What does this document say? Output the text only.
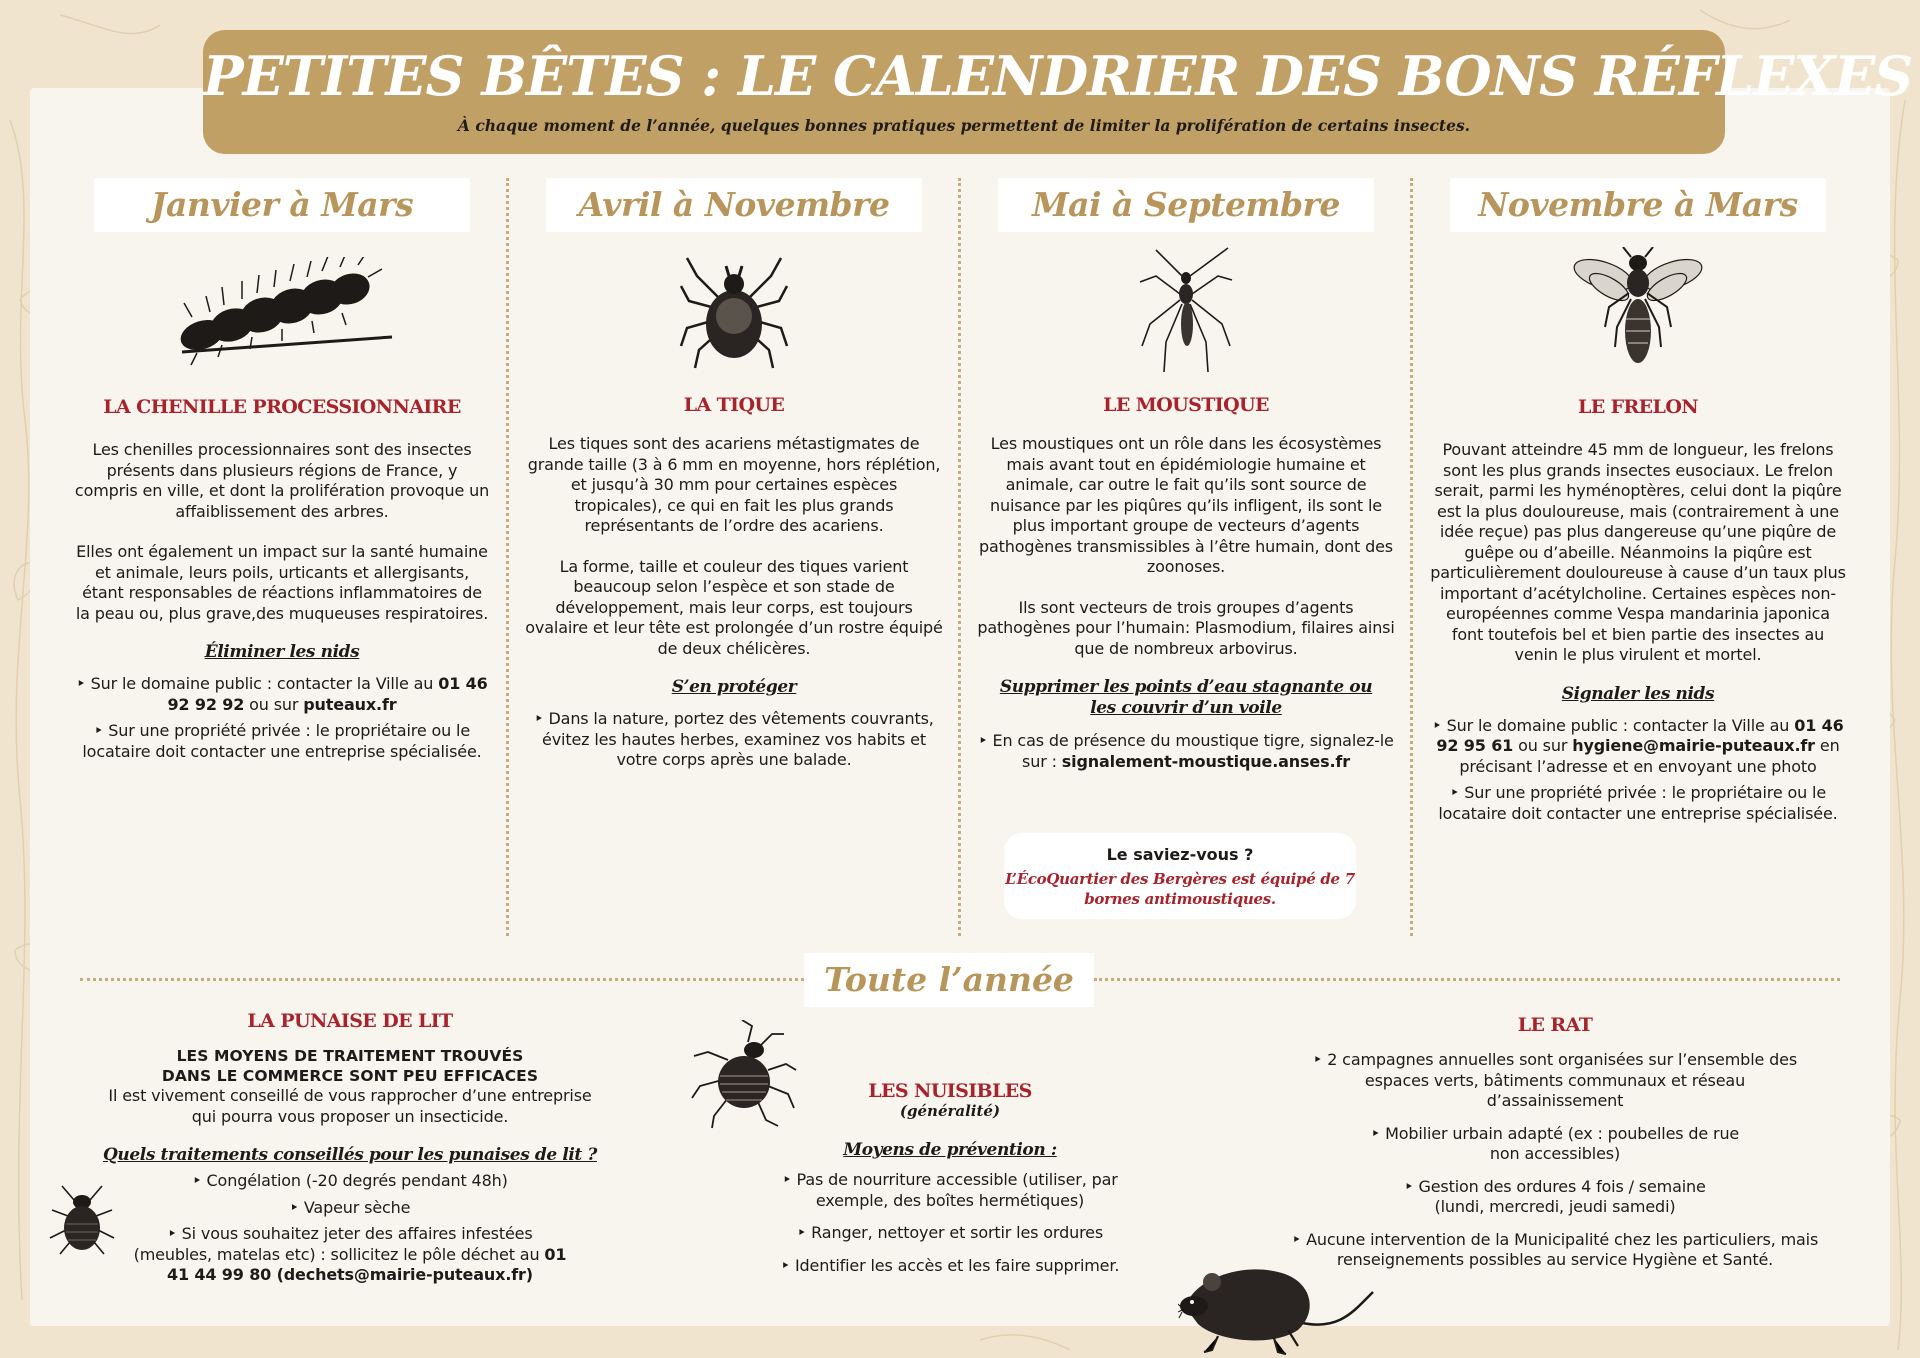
PETITES BÊTES : LE CALENDRIER DES BONS RÉFLEXES
À chaque moment de l’année, quelques bonnes pratiques permettent de limiter la prolifération de certains insectes.
Janvier à Mars
LA CHENILLE PROCESSIONNAIRE
Les chenilles processionnaires sont des insectes présents dans plusieurs régions de France, y compris en ville, et dont la prolifération provoque un affaiblissement des arbres.
Elles ont également un impact sur la santé humaine et animale, leurs poils, urticants et allergisants, étant responsables de réactions inflammatoires de la peau ou, plus grave,des muqueuses respiratoires.
Éliminer les nids
‣ Sur le domaine public : contacter la Ville au 01 46 92 92 92 ou sur puteaux.fr
‣ Sur une propriété privée : le propriétaire ou le locataire doit contacter une entreprise spécialisée.
Avril à Novembre
LA TIQUE
Les tiques sont des acariens métastigmates de grande taille (3 à 6 mm en moyenne, hors réplétion, et jusqu’à 30 mm pour certaines espèces tropicales), ce qui en fait les plus grands représentants de l’ordre des acariens.
La forme, taille et couleur des tiques varient beaucoup selon l’espèce et son stade de développement, mais leur corps, est toujours ovalaire et leur tête est prolongée d’un rostre équipé de deux chélicères.
S’en protéger
‣ Dans la nature, portez des vêtements couvrants, évitez les hautes herbes, examinez vos habits et votre corps après une balade.
Mai à Septembre
LE MOUSTIQUE
Les moustiques ont un rôle dans les écosystèmes mais avant tout en épidémiologie humaine et animale, car outre le fait qu’ils sont source de nuisance par les piqûres qu’ils infligent, ils sont le plus important groupe de vecteurs d’agents pathogènes transmissibles à l’être humain, dont des zoonoses.
Ils sont vecteurs de trois groupes d’agents pathogènes pour l’humain: Plasmodium, filaires ainsi que de nombreux arbovirus.
Supprimer les points d’eau stagnante ou les couvrir d’un voile
‣ En cas de présence du moustique tigre, signalez-le sur : signalement-moustique.anses.fr
Le saviez-vous ?
L’ÉcoQuartier des Bergères est équipé de 7 bornes antimoustiques.
Novembre à Mars
LE FRELON
Pouvant atteindre 45 mm de longueur, les frelons sont les plus grands insectes eusociaux. Le frelon serait, parmi les hyménoptères, celui dont la piqûre est la plus douloureuse, mais (contrairement à une idée reçue) pas plus dangereuse qu’une piqûre de guêpe ou d’abeille. Néanmoins la piqûre est particulièrement douloureuse à cause d’un taux plus important d’acétylcholine. Certaines espèces non-européennes comme Vespa mandarinia japonica font toutefois bel et bien partie des insectes au venin le plus virulent et mortel.
Signaler les nids
‣ Sur le domaine public : contacter la Ville au 01 46 92 95 61 ou sur hygiene@mairie-puteaux.fr en précisant l’adresse et en envoyant une photo
‣ Sur une propriété privée : le propriétaire ou le locataire doit contacter une entreprise spécialisée.
Toute l’année
LA PUNAISE DE LIT
LES MOYENS DE TRAITEMENT TROUVÉS
DANS LE COMMERCE SONT PEU EFFICACES
Il est vivement conseillé de vous rapprocher d’une entreprise qui pourra vous proposer un insecticide.
Quels traitements conseillés pour les punaises de lit ?
‣ Congélation (-20 degrés pendant 48h)
‣ Vapeur sèche
‣ Si vous souhaitez jeter des affaires infestées (meubles, matelas etc) : sollicitez le pôle déchet au 01 41 44 99 80 (dechets@mairie-puteaux.fr)
LES NUISIBLES
(généralité)
Moyens de prévention :
‣ Pas de nourriture accessible (utiliser, par exemple, des boîtes hermétiques)
‣ Ranger, nettoyer et sortir les ordures
‣ Identifier les accès et les faire supprimer.
LE RAT
‣ 2 campagnes annuelles sont organisées sur l’ensemble des espaces verts, bâtiments communaux et réseau d’assainissement
‣ Mobilier urbain adapté (ex : poubelles de rue non accessibles)
‣ Gestion des ordures 4 fois / semaine (lundi, mercredi, jeudi samedi)
‣ Aucune intervention de la Municipalité chez les particuliers, mais renseignements possibles au service Hygiène et Santé.
